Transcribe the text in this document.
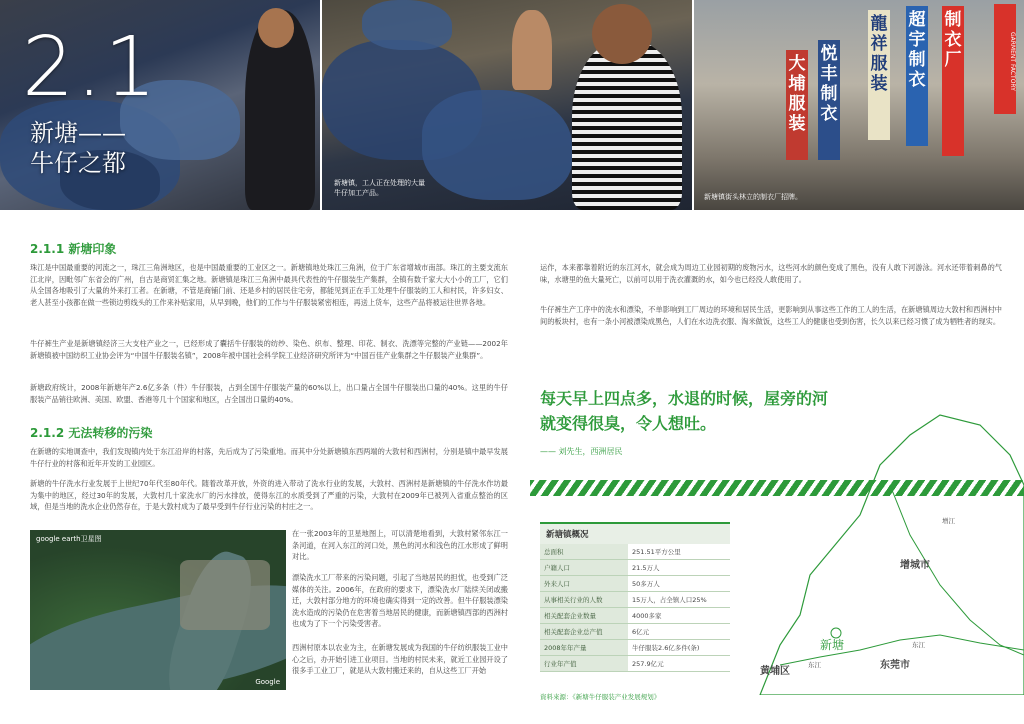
新塘镇，工人正在处理的大量
牛仔加工产品。
制
衣
厂
超
宇
制
衣
龍
祥
服
装
悦
丰
制
衣
大
埔
服
装
GARMENT FACTORY
新塘镇街头林立的制衣厂招牌。
2.1
新塘——
牛仔之都
2.1.1 新塘印象

珠江是中国最重要的河流之一，珠江三角洲地区，也是中国最重要的工业区之一。新塘镇地处珠江三角洲，位于广东省增城市南部。珠江的主要支流东江北岸，因毗邻广东省会的广州，自古是商贸汇集之地。新塘镇是珠江三角洲中最具代表性的牛仔服装生产集群，全镇有数千家大大小小的工厂，它们从全国各地吸引了大量的外来打工者。在新塘，不管是商铺门前、还是乡村的居民住宅旁，都能见到正在手工处理牛仔服装的工人和村民，许多妇女、老人甚至小孩都在做一些锁边剪线头的工作来补贴家用，从早到晚，他们的工作与牛仔服装紧密相连，再送上货车，这些产品将被运往世界各地。

牛仔裤生产业是新塘镇经济三大支柱产业之一，已经形成了囊括牛仔服装的纺纱、染色、织布、整理、印花、制衣、洗漂等完整的产业链——2002年新塘镇被中国纺织工业协会评为“中国牛仔服装名镇”，2008年被中国社会科学院工业经济研究所评为“中国百佳产业集群之牛仔服装产业集群”。

新塘政府统计，2008年新塘年产2.6亿多条（件）牛仔服装，占到全国牛仔服装产量的60%以上，出口量占全国牛仔服装出口量的40%。这里的牛仔服装产品销往欧洲、美国、欧盟、香港等几十个国家和地区，占全国出口量的40%。

2.1.2 无法转移的污染

在新塘的实地调查中，我们发现镇内处于东江沿岸的村落，先后成为了污染重地。而其中分处新塘镇东西两端的大敦村和西洲村，分别是镇中最早发展牛仔行业的村落和近年开发的工业园区。

新塘的牛仔洗水行业发展于上世纪70年代至80年代。随着改革开放，外资的进入带动了洗水行业的发展，大敦村、西洲村是新塘镇的牛仔洗水作坊最为集中的地区，经过30年的发展，大敦村几十家洗水厂的污水排放，使得东江的水质受到了严重的污染，大敦村在2009年已被列入省重点整治的区域，但是当地的洗水企业仍然存在，于是大敦村成为了最早受到牛仔行业污染的村庄之一。

google earth卫星图
Google

在一张2003年的卫星地图上，可以清楚地看到，大敦村紧邻东江一条河道，在河入东江的河口处，黑色的河水和浅色的江水形成了鲜明对比。

漂染洗水工厂带来的污染问题，引起了当地居民的担忧，也受到广泛媒体的关注。2006年，在政府的要求下，漂染洗水厂陆续关闭或搬迁，大敦村部分地方的环境也确实得到一定的改善。但牛仔服装漂染洗水造成的污染仍在危害着当地居民的健康，而新塘镇西部的西洲村也成为了下一个污染受害者。

西洲村原本以农业为主，在新塘发展成为我国的牛仔纺织服装工业中心之后，办开始引进工业项目。当地的村民未来，就近工业园开设了很多手工业工厂，就是从大敦村搬迁来的，自从这些工厂开始

运作，本来都靠着附近的东江河水，就会成为周边工业园初期的废物污水，这些河水的颜色变成了黑色，没有人敢下河游泳。河水还带着刺鼻的气味，水塘里的鱼大量死亡，以前可以用于洗衣灌溉的水，如今也已经没人敢使用了。

牛仔裤生产工序中的洗水和漂染，不单影响到工厂周边的环境和居民生活，更影响到从事这些工作的工人的生活，在新塘镇周边大敦村和西洲村中间的板块村，也有一条小河被漂染成黑色，人们在水边洗衣服、淘米做饭，这些工人的健康也受到伤害，长久以来已经习惯了成为牺牲者的现实。

每天早上四点多，水退的时候，屋旁的河就变得很臭，令人想吐。
—— 刘先生，西洲居民
增城市
新塘
东莞市
黄埔区
增江
东江
东江
新塘镇概况
总面积	251.51平方公里
户籍人口	21.5万人
外来人口	50多万人
从事相关行业的人数	15万人，占全镇人口25%
相关配套企业数量	4000多家
相关配套企业总产值	6亿元
2008年年产量	牛仔服装2.6亿多件(条)
行业年产值	257.9亿元
資料來源：《新塘牛仔服装产业发展规划》
